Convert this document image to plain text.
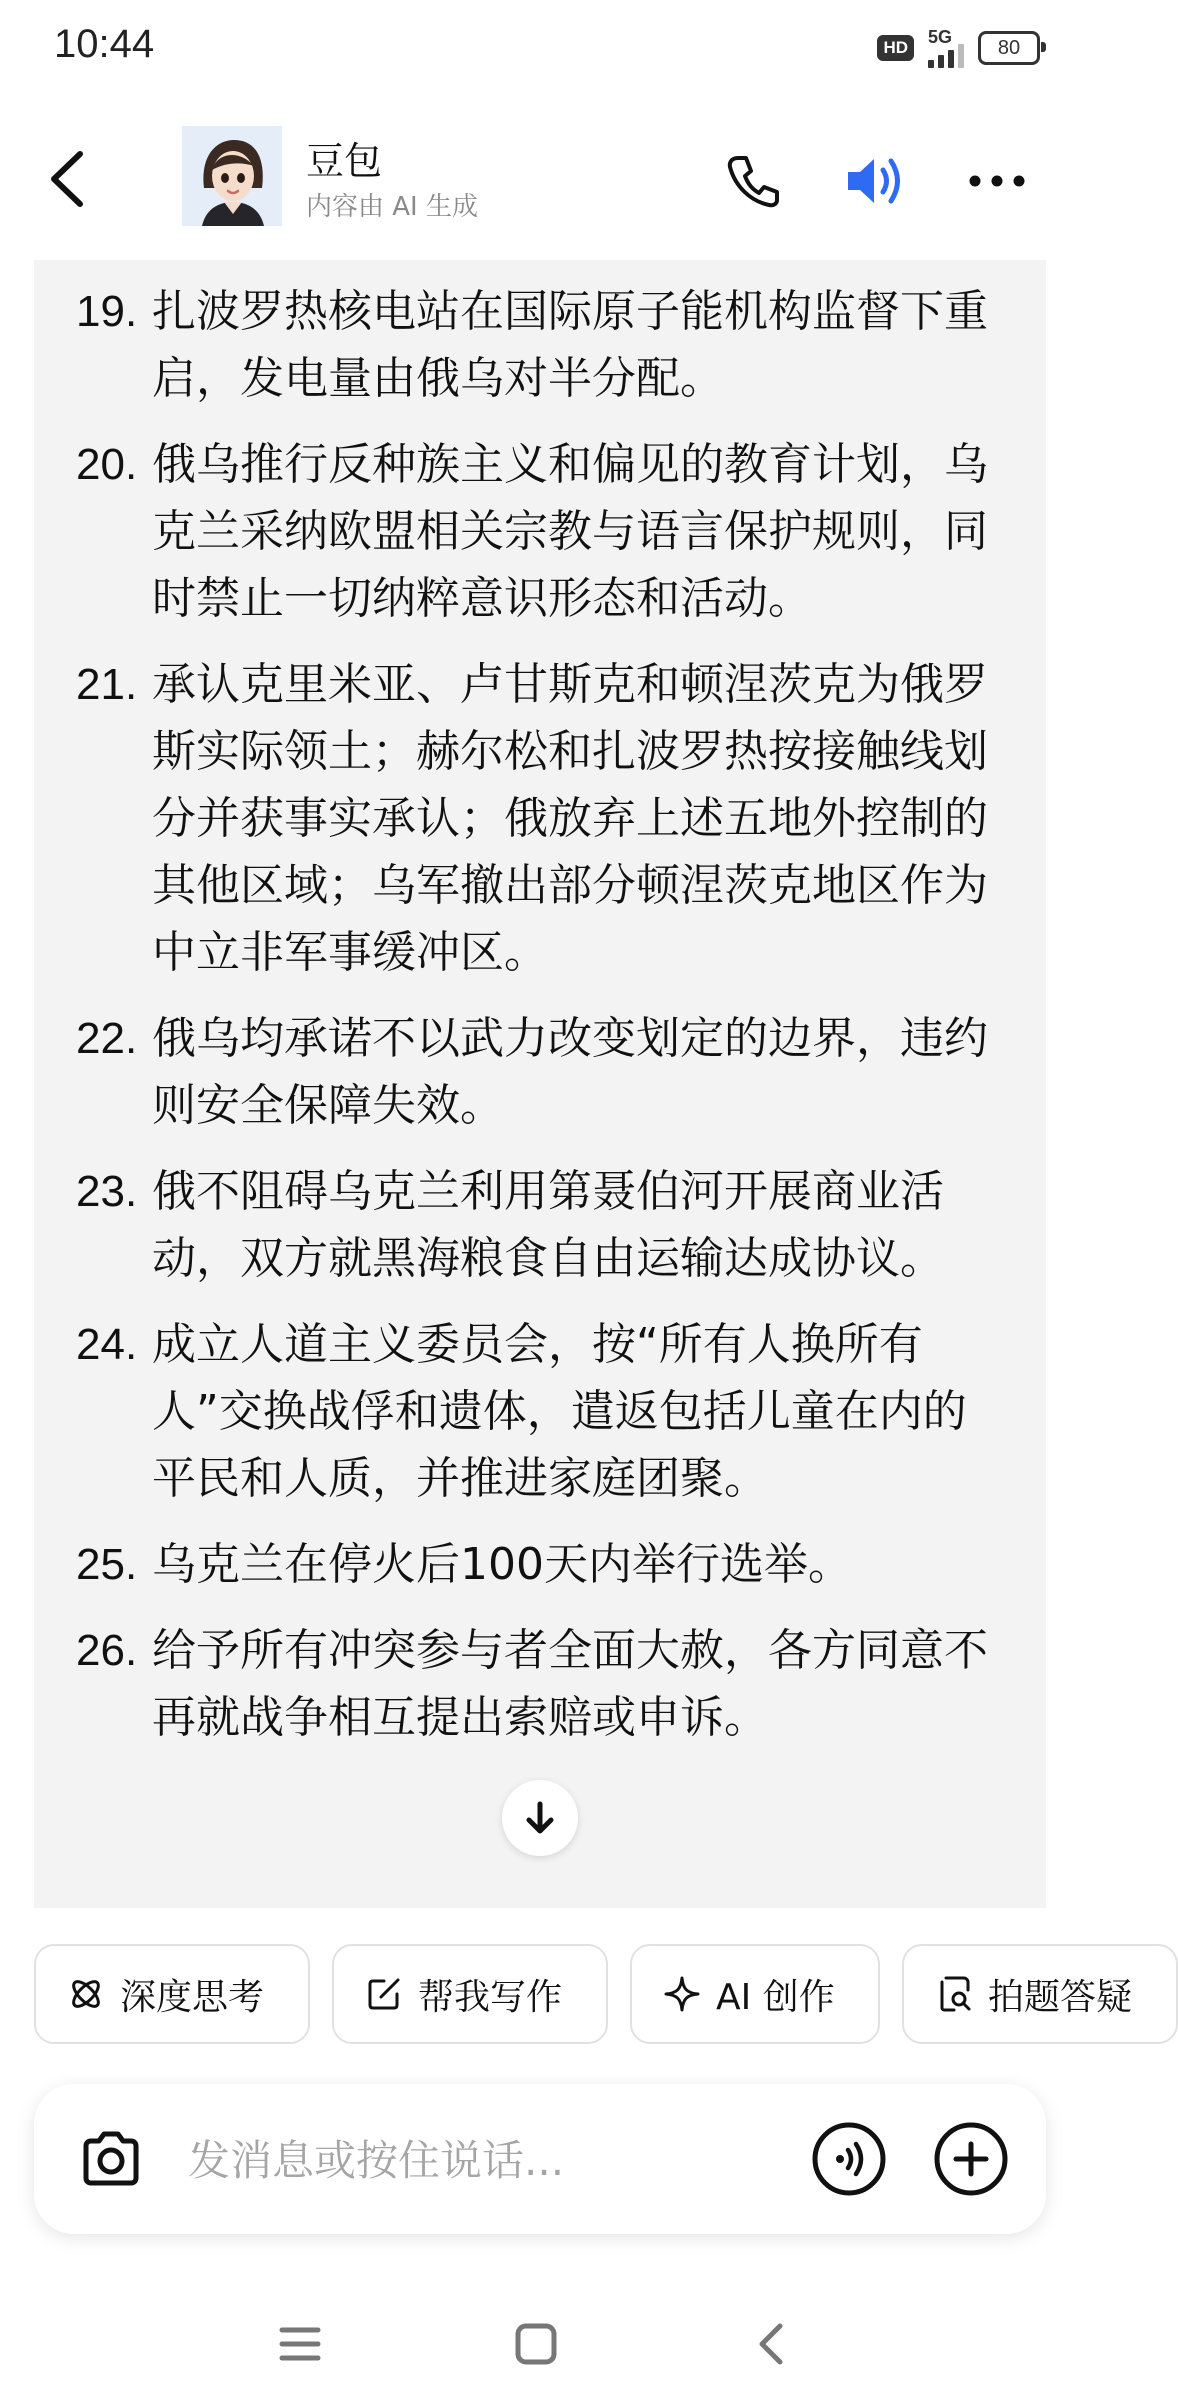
10:44	HD
5G 80
豆包
内容由 AI 生成
19. 扎波罗热核电站在国际原子能机构监督下重启，发电量由俄乌对半分配。
20. 俄乌推行反种族主义和偏见的教育计划，乌克兰采纳欧盟相关宗教与语言保护规则，同时禁止一切纳粹意识形态和活动。
21. 承认克里米亚、卢甘斯克和顿涅茨克为俄罗斯实际领土；赫尔松和扎波罗热按接触线划分并获事实承认；俄放弃上述五地外控制的其他区域；乌军撤出部分顿涅茨克地区作为中立非军事缓冲区。
22. 俄乌均承诺不以武力改变划定的边界，违约则安全保障失效。
23. 俄不阻碍乌克兰利用第聂伯河开展商业活动，双方就黑海粮食自由运输达成协议。
24. 成立人道主义委员会，按“所有人换所有人”交换战俘和遗体，遣返包括儿童在内的平民和人质，并推进家庭团聚。
25. 乌克兰在停火后100天内举行选举。
26. 给予所有冲突参与者全面大赦，各方同意不再就战争相互提出索赔或申诉。
深度思考	帮我写作	AI 创作	拍题答疑
发消息或按住说话...
